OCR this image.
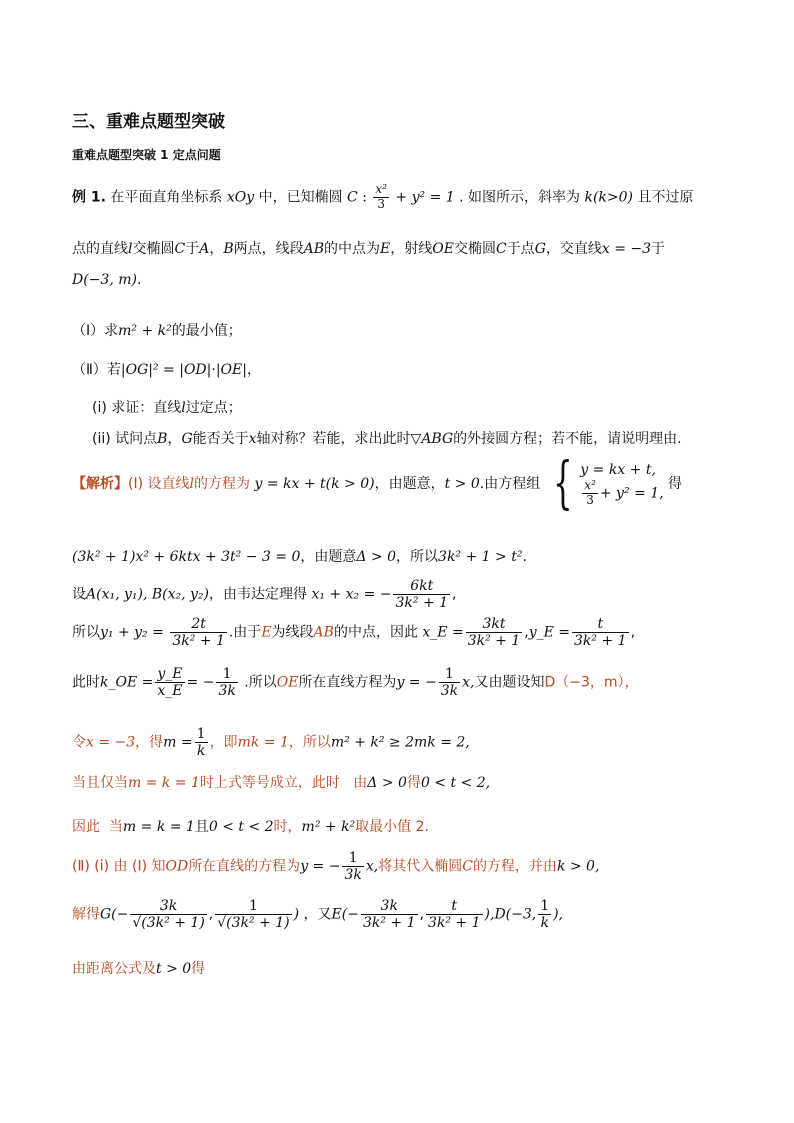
三、重难点题型突破
重难点题型突破 1 定点问题
例 1. 在平面直角坐标系 xOy 中，已知椭圆 C : $\frac{\text{x²}}{3} + y^2 = 1$ . 如图所示，斜率为 k(k>0) 且不过原
点的直线l交椭圆C于A，B两点，线段AB的中点为E，射线OE交椭圆C于点G，交直线x = −3于
D(−3, m).
（Ⅰ）求m² + k²的最小值；
（Ⅱ）若|OG|² = |OD|·|OE|，
(i) 求证：直线l过定点；
(ii) 试问点B，G能否关于x轴对称？若能，求出此时▽ABG的外接圆方程；若不能，请说明理由.
【解析】(Ⅰ) 设直线l的方程为 y = kx + t(k > 0)，由题意，t > 0.由方程组 { y = kx + t,
$\frac{\text{x²}}{3} + y^2 = 1$,
得
(3k² + 1)x² + 6ktx + 3t² − 3 = 0，由题意Δ > 0，所以3k² + 1 > t².
设A(x₁, y₁), B(x₂, y₂)，由韦达定理得 x₁ + x₂ = − $\frac{6kt}{\text{3k² + 1}}$ ,
所以$y_1 + y_2 = \frac{2t}{\text{3k² + 1}}$ .由于E为线段AB的中点，因此 x_E = $\frac{3kt}{\text{3k² + 1}}$ ,y_E = $\frac{t}{\text{3k² + 1}}$ ,
此时k_OE = $\frac{y\_E}{x\_E}$ = − $\frac{1}{3k}$ .所以OE所在直线方程为y = − $\frac{1}{3k} x$,又由题设知D（−3，m），
令x = −3，得$m = \frac{1}{k}$ ，即mk = 1，所以m² + k² ≥ 2mk = 2,
当且仅当m = k = 1时上式等号成立，此时 由Δ > 0得0 < t < 2,
因此 当m = k = 1且0 < t < 2时，m² + k²取最小值 2.
(Ⅱ) (i) 由 (Ⅰ) 知OD所在直线的方程为y = − $\frac{1}{3k} x$,将其代入椭圆C的方程，并由k > 0,
解得$G(- \frac{3k}{\text{√(3k² + 1)}}$ , $\frac{1}{\text{√(3k² + 1)}}$ ) ，又$E(- \frac{3k}{\text{3k² + 1}}$ , $\frac{t}{\text{3k² + 1}} ),D(-3$, $\frac{1}{k}$ ),
由距离公式及t > 0得
